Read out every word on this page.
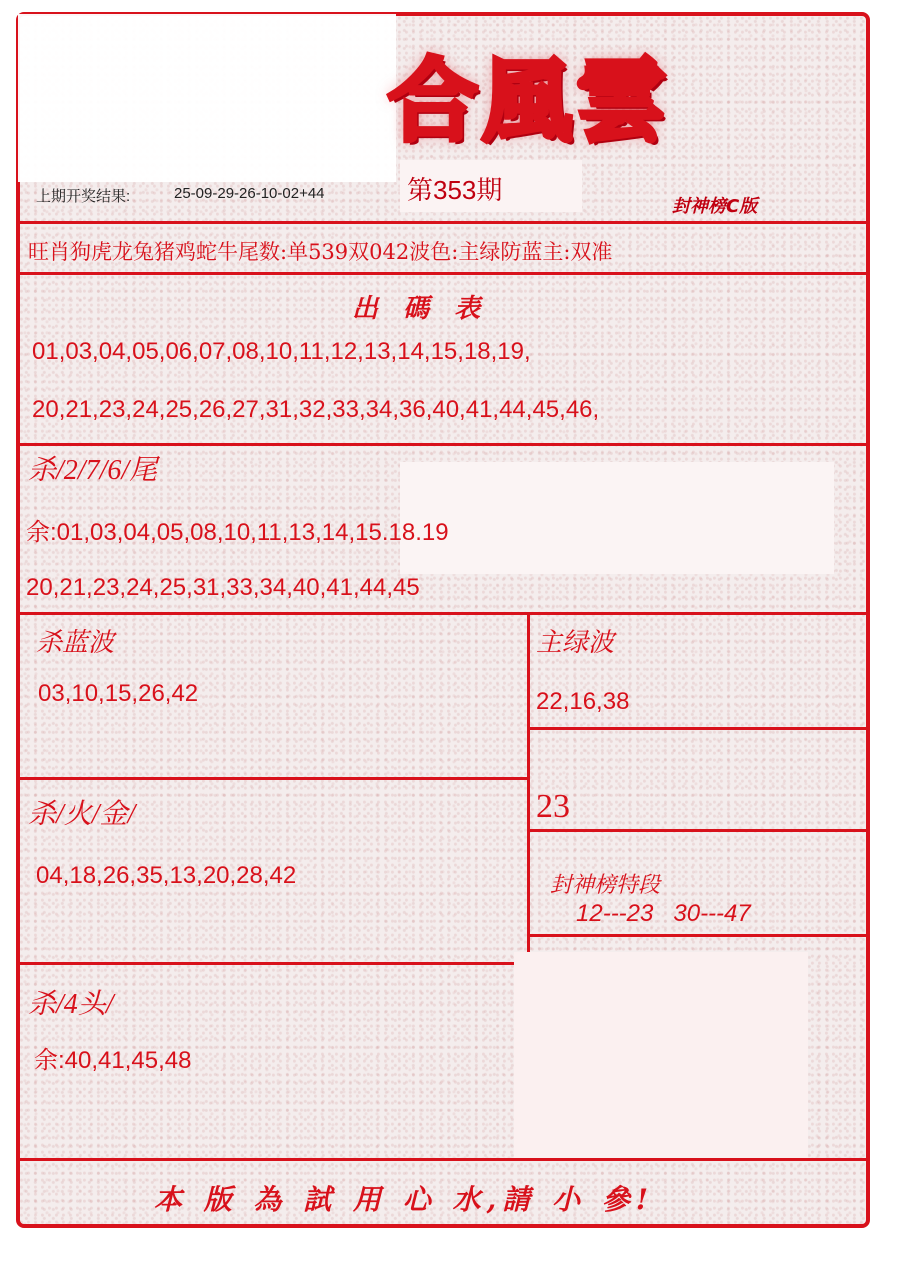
合風雲
封神榜C版
上期开奖结果:	25-09-29-26-10-02+44	第353期
旺肖狗虎龙兔猪鸡蛇牛尾数:单539双042波色:主绿防蓝主:双准
出 碼 表
01,03,04,05,06,07,08,10,11,12,13,14,15,18,19,
20,21,23,24,25,26,27,31,32,33,34,36,40,41,44,45,46,
杀/2/7/6/尾
余:01,03,04,05,08,10,11,13,14,15.18.19
20,21,23,24,25,31,33,34,40,41,44,45
杀蓝波
03,10,15,26,42
主绿波
22,16,38
23
杀/火/金/
04,18,26,35,13,20,28,42	封神榜特段
12---23   30---47
杀/4头/
余:40,41,45,48
本 版 為 試 用 心 水,請 小 參!
